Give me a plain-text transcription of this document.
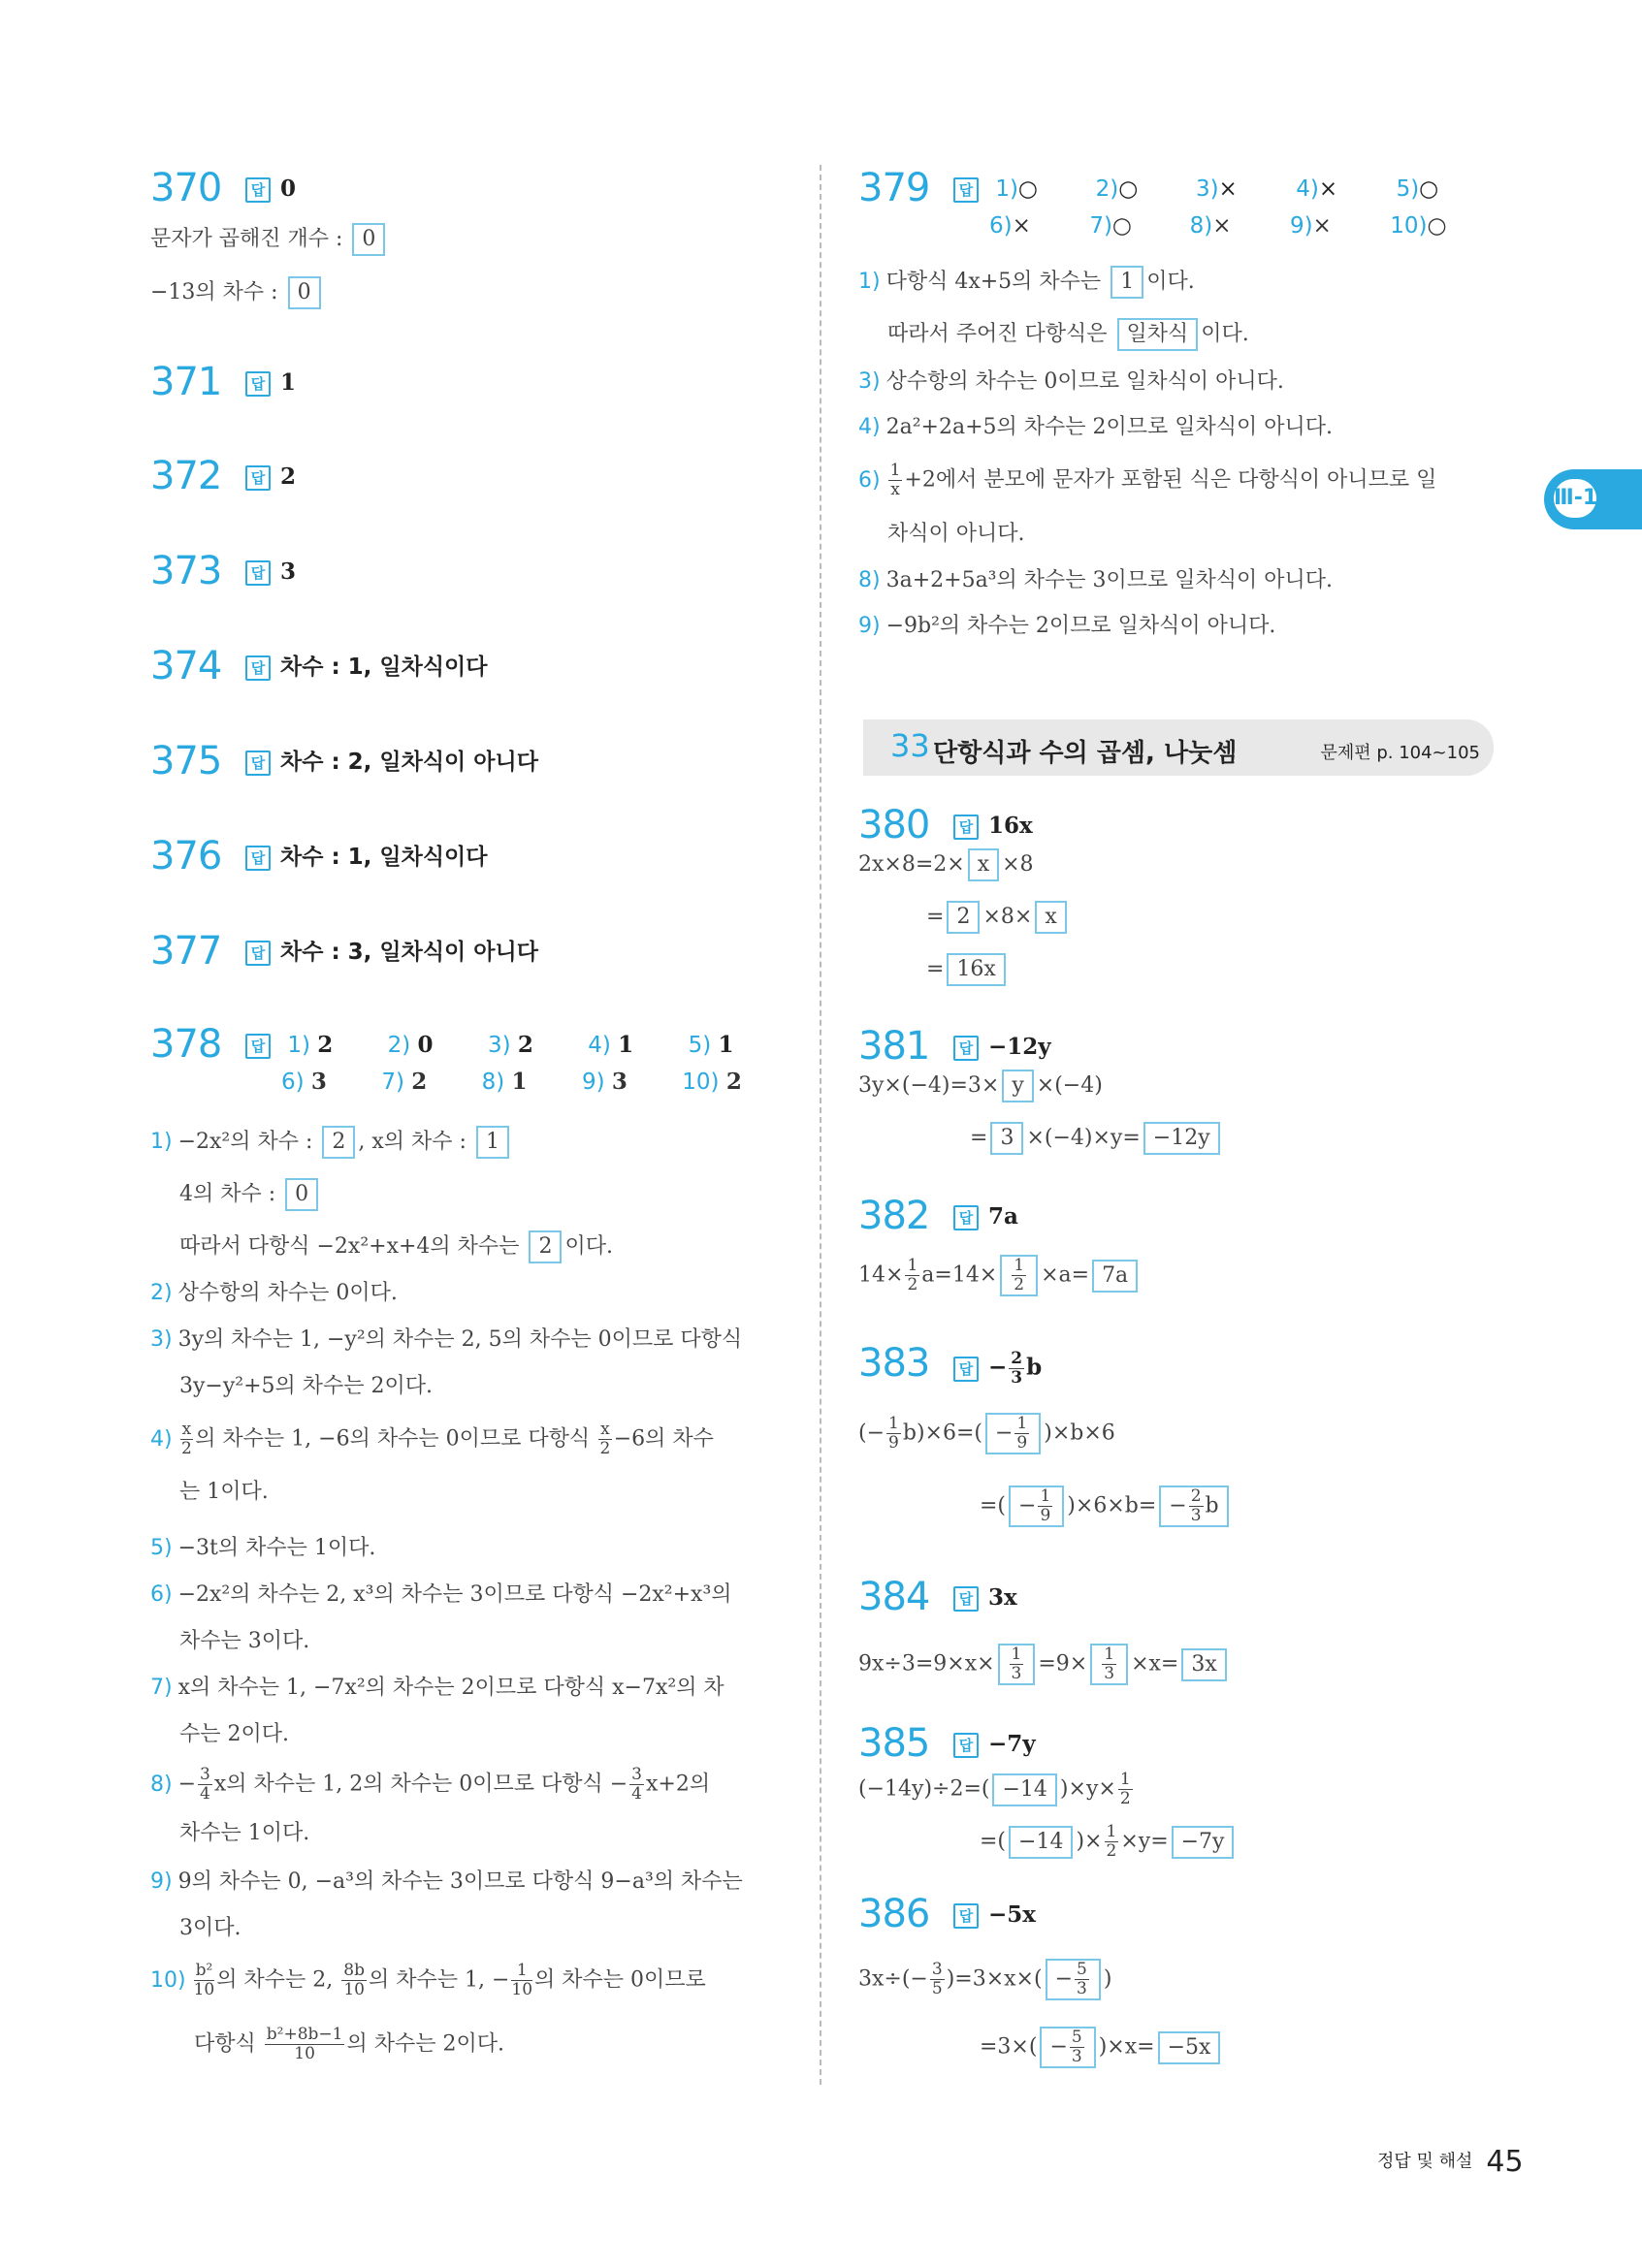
Ⅲ-1
370	답 0
문자가 곱해진 개수 : 0
−13의 차수 : 0
371	답 1
372	답 2
373	답 3
374	답 차수 : 1, 일차식이다
375	답 차수 : 2, 일차식이 아니다
376	답 차수 : 1, 일차식이다
377	답 차수 : 3, 일차식이 아니다
378	답 1) 2 2) 0 3) 2 4) 1 5) 1
6) 3 7) 2 8) 1 9) 3 10) 2
1) −2x²의 차수 : 2 , x의 차수 : 1
4의 차수 : 0
따라서 다항식 −2x²+x+4의 차수는 2 이다.
2) 상수항의 차수는 0이다.
3) 3y의 차수는 1, −y²의 차수는 2, 5의 차수는 0이므로 다항식
3y−y²+5의 차수는 2이다.
$4) \frac{x}{2}$ 의 차수는 1, −6의 차수는 0이므로 다항식 $\frac{x}{2} -6$의 차수
는 1이다.
5) −3t의 차수는 1이다.
6) −2x²의 차수는 2, x³의 차수는 3이므로 다항식 −2x²+x³의
차수는 3이다.
7) x의 차수는 1, −7x²의 차수는 2이므로 다항식 x−7x²의 차
수는 2이다.
$8) - \frac{3}{4}$ x의 차수는 1, 2의 차수는 0이므로 다항식 − $\frac{3}{4} x+2$의
차수는 1이다.
9) 9의 차수는 0, −a³의 차수는 3이므로 다항식 9−a³의 차수는
3이다.
$10) \frac{\text{b²}}{10}$ 의 차수는 2, $\frac{8b}{10}$ 의 차수는 1, − $\frac{1}{10}$ 의 차수는 0이므로
다항식 $\frac{\text{b²+8b−1}}{10}$ 의 차수는 2이다.
379	답 1)○	2)○	3)×	4)×	5)○
6)×	7)○	8)×	9)×	10)○
1) 다항식 4x+5의 차수는 1 이다.
따라서 주어진 다항식은 일차식 이다.
3) 상수항의 차수는 0이므로 일차식이 아니다.
4) 2a²+2a+5의 차수는 2이므로 일차식이 아니다.
$6) \frac{1}{x} +2$에서 분모에 문자가 포함된 식은 다항식이 아니므로 일
차식이 아니다.
8) 3a+2+5a³의 차수는 3이므로 일차식이 아니다.
9) −9b²의 차수는 2이므로 일차식이 아니다.
380	답 16x
2x×8=2× x ×8
= 2 ×8× x
= 16x
381	답 −12y
3y×(−4)=3× y ×(−4)
= 3 ×(−4)×y= −12y
382	답 7a
$14\times \frac{1}{2} a=14\times \frac{1}{2} \times a= 7a$
383	답 − $\frac{2}{3}$ b
(− $\frac{1}{9} b)\times 6=( - \frac{1}{9} )\times b\times 6$
=( − $\frac{1}{9} )\times 6\times b= - \frac{2}{3}$ b
384	답 3x
$9x\div 3=9\times x\times \frac{1}{3} =9\times \frac{1}{3} \times x= 3x$
385	답 −7y
(−14y)÷2=( −14 )$\times y\times \frac{1}{2}$
=( −14 )× $\frac{1}{2} \times y= -7y$
386	답 −5x
$3x\div(- \frac{3}{5} )=3\times x\times( - \frac{5}{3}$ )
$=3\times( - \frac{5}{3} )\times x= -5x$
33 단항식과 수의 곱셈, 나눗셈	문제편 p. 104~105
정답 및 해설 45
